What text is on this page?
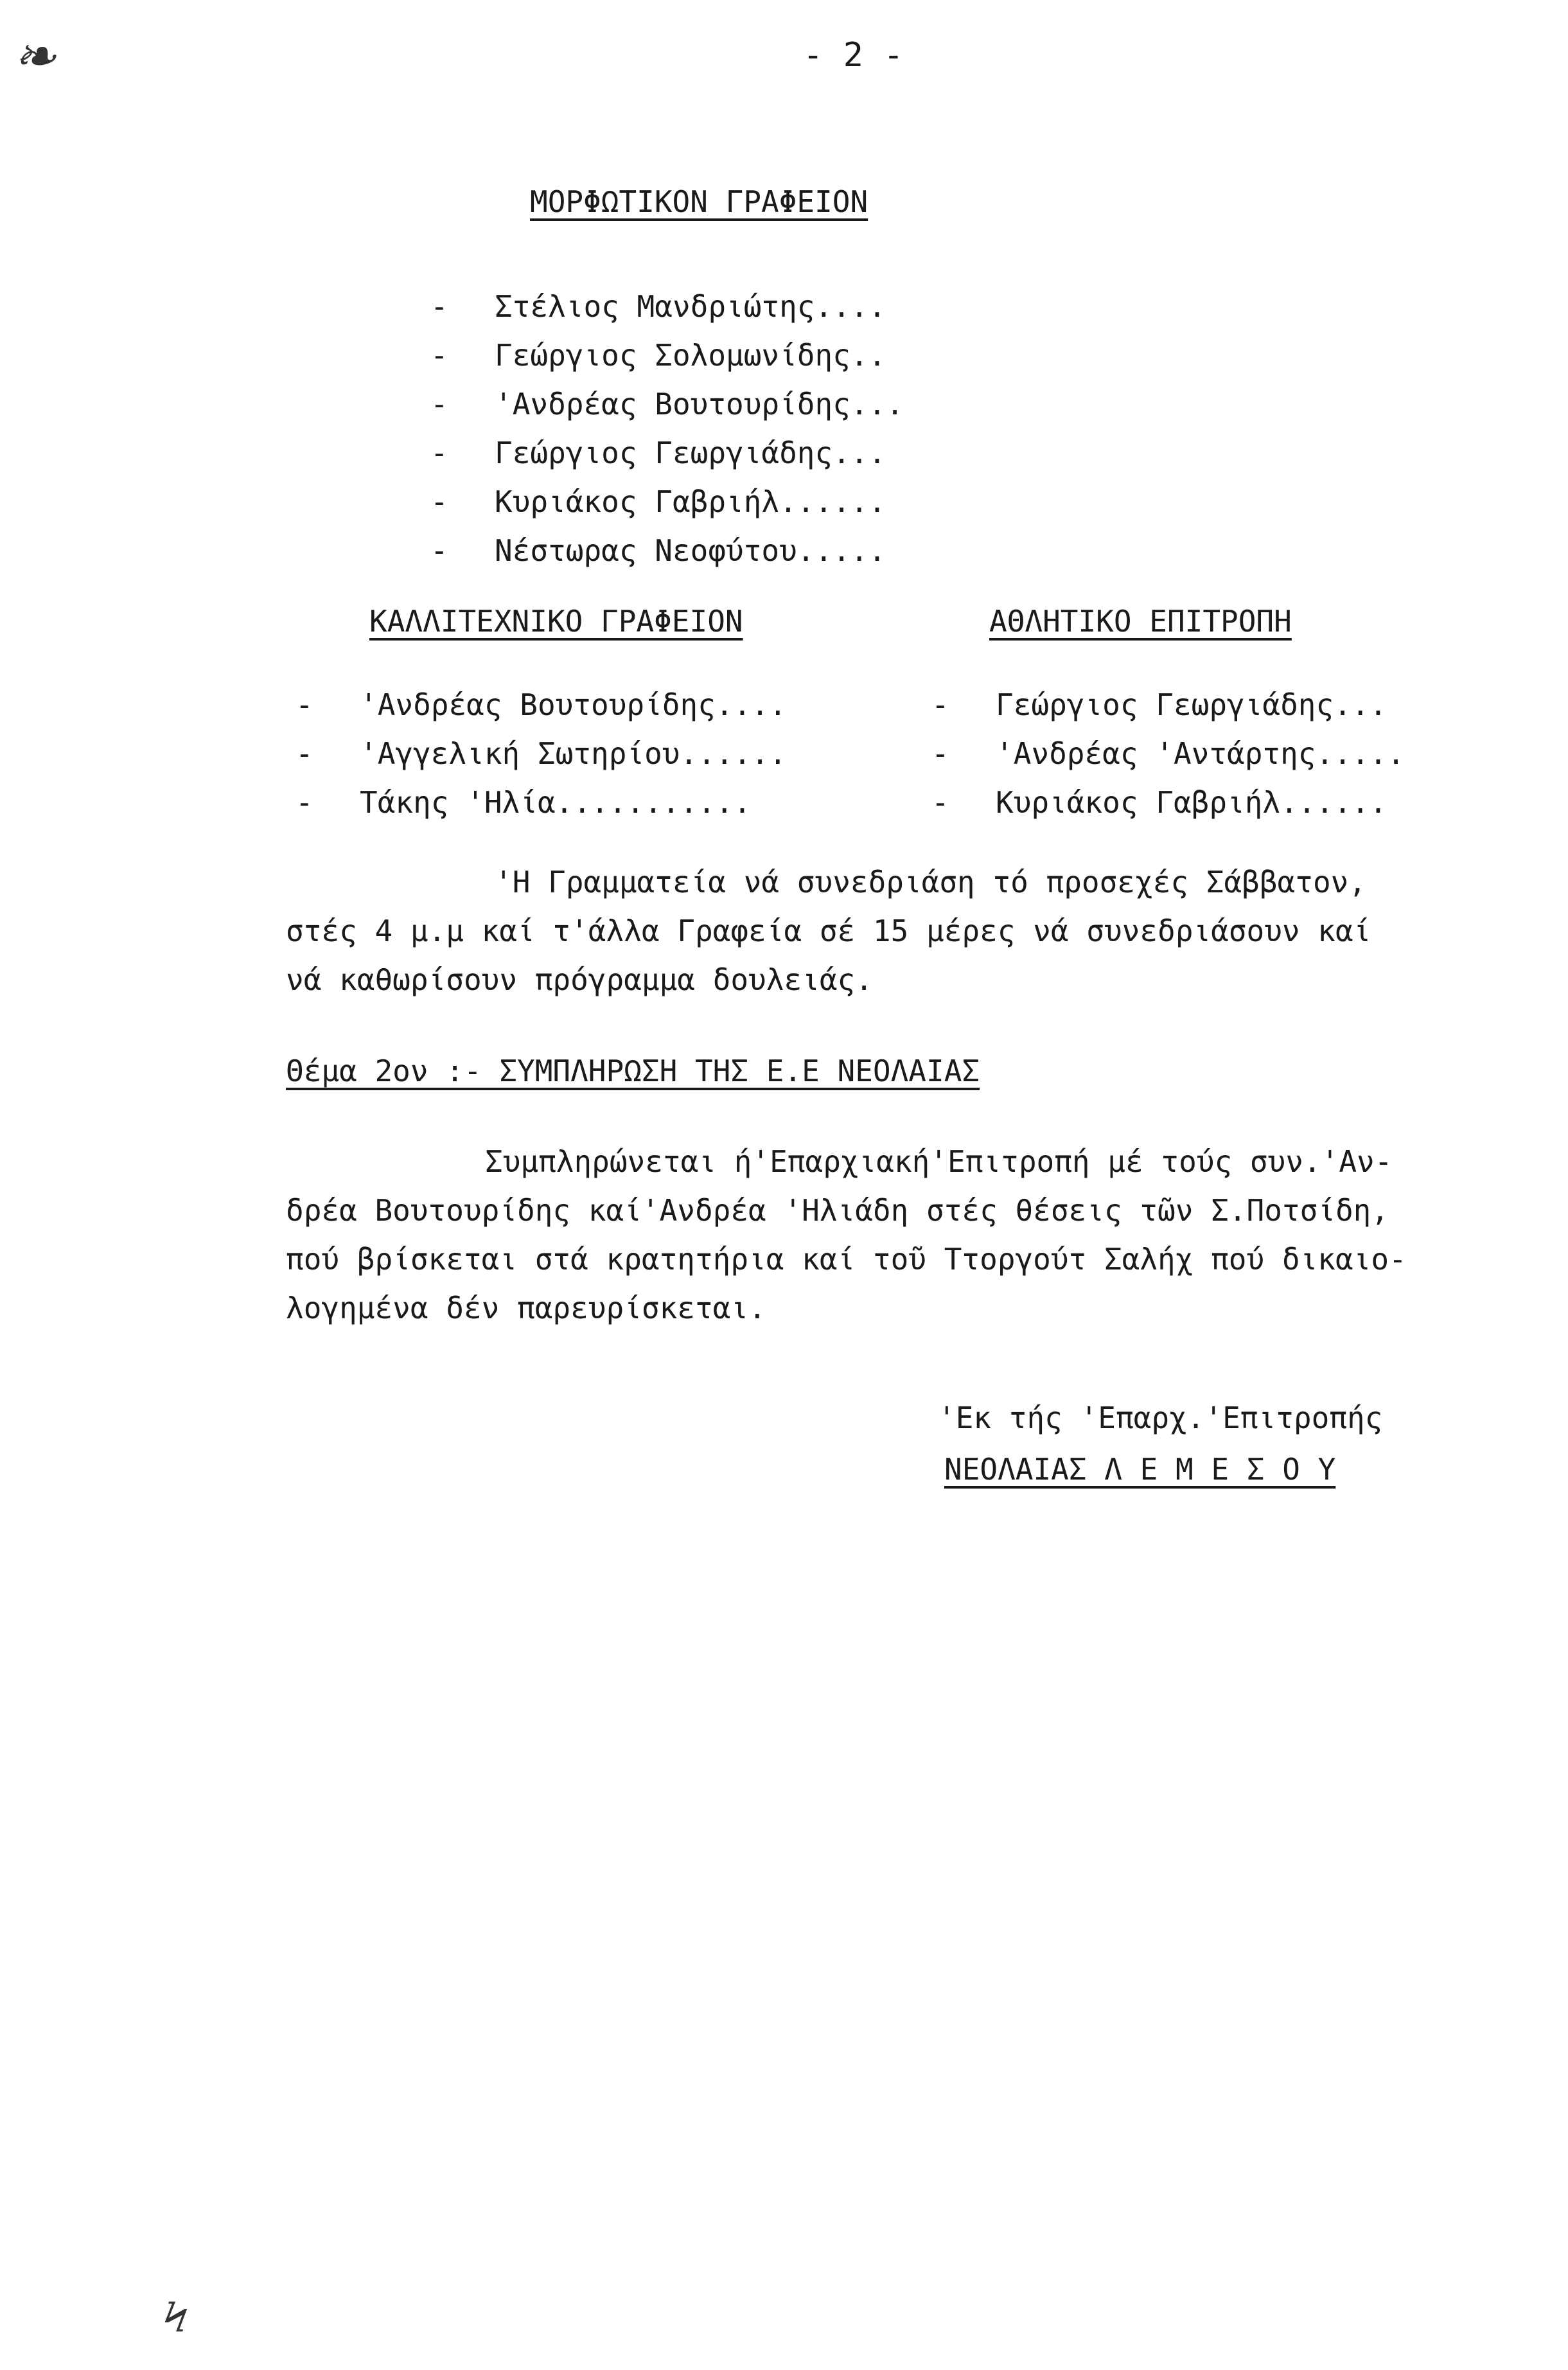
- 2 -
❧
ΜΟΡΦΩΤΙΚΟΝ ΓΡΑΦΕΙΟΝ
-	Στέλιος Μανδριώτης....
-	Γεώργιος Σολομωνίδης..
-	'Ανδρέας Βουτουρίδης...
-	Γεώργιος Γεωργιάδης...
-	Κυριάκος Γαβριήλ......
-	Νέστωρας Νεοφύτου.....
ΚΑΛΛΙΤΕΧΝΙΚΟ ΓΡΑΦΕΙΟΝ
-	'Ανδρέας Βουτουρίδης....
-	'Αγγελική Σωτηρίου......
-	Τάκης 'Ηλία...........
ΑΘΛΗΤΙΚΟ ΕΠΙΤΡΟΠΗ
-	Γεώργιος Γεωργιάδης...
-	'Ανδρέας 'Αντάρτης.....
-	Κυριάκος Γαβριήλ......
'Η Γραμματεία νά συνεδριάση τό προσεχές Σάββατον,
στές 4 μ.μ καί τ'άλλα Γραφεία σέ 15 μέρες νά συνεδριάσουν καί
νά καθωρίσουν πρόγραμμα δουλειάς.
Θέμα 2ον :- ΣΥΜΠΛΗΡΩΣΗ ΤΗΣ Ε.Ε ΝΕΟΛΑΙΑΣ
Συμπληρώνεται ή'Επαρχιακή'Επιτροπή μέ τούς συν.'Αν-
δρέα Βουτουρίδης καί'Ανδρέα 'Ηλιάδη στές θέσεις τῶν Σ.Ποτσίδη,
πού βρίσκεται στά κρατητήρια καί τοῦ Ττοργούτ Σαλήχ πού δικαιο-
λογημένα δέν παρευρίσκεται.
'Εκ τής 'Επαρχ.'Επιτροπής
ΝΕΟΛΑΙΑΣ Λ Ε Μ Ε Σ Ο Υ
Ϟ
